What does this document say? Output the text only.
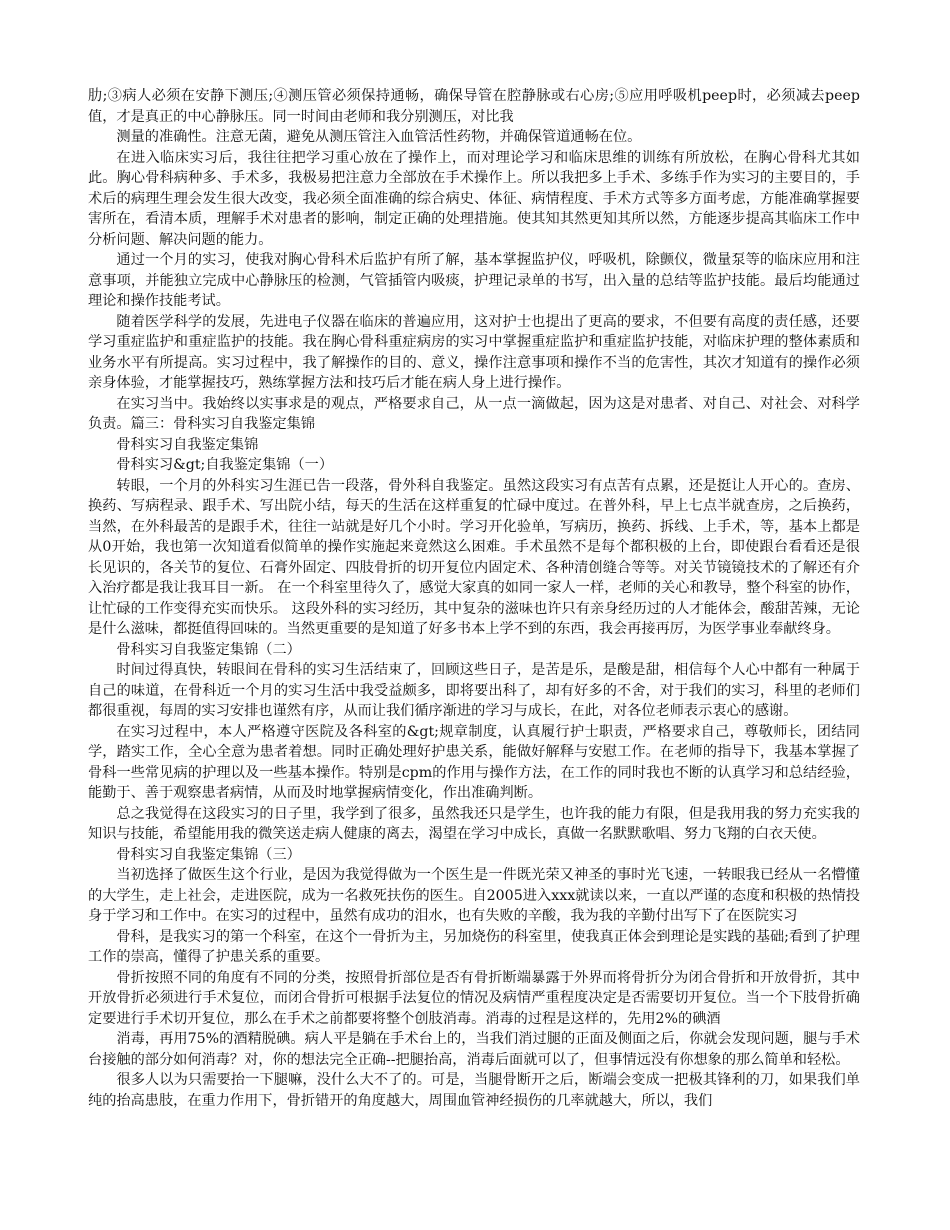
肋;③病人必须在安静下测压;④测压管必须保持通畅，确保导管在腔静脉或右心房;⑤应用呼吸机peep时，必须减去peep值，才是真正的中心静脉压。同一时间由老师和我分别测压，对比我

测量的准确性。注意无菌，避免从测压管注入血管活性药物，并确保管道通畅在位。

在进入临床实习后，我往往把学习重心放在了操作上，而对理论学习和临床思维的训练有所放松，在胸心骨科尤其如此。胸心骨科病种多、手术多，我极易把注意力全部放在手术操作上。所以我把多上手术、多练手作为实习的主要目的，手术后的病理生理会发生很大改变，我必须全面准确的综合病史、体征、病情程度、手术方式等多方面考虑，方能准确掌握要害所在，看清本质，理解手术对患者的影响，制定正确的处理措施。使其知其然更知其所以然，方能逐步提高其临床工作中分析问题、解决问题的能力。

通过一个月的实习，使我对胸心骨科术后监护有所了解，基本掌握监护仪，呼吸机，除颤仪，微量泵等的临床应用和注意事项，并能独立完成中心静脉压的检测，气管插管内吸痰，护理记录单的书写，出入量的总结等监护技能。最后均能通过理论和操作技能考试。

随着医学科学的发展，先进电子仪器在临床的普遍应用，这对护士也提出了更高的要求，不但要有高度的责任感，还要学习重症监护和重症监护的技能。我在胸心骨科重症病房的实习中掌握重症监护和重症监护技能，对临床护理的整体素质和业务水平有所提高。实习过程中，我了解操作的目的、意义，操作注意事项和操作不当的危害性，其次才知道有的操作必须亲身体验，才能掌握技巧，熟练掌握方法和技巧后才能在病人身上进行操作。

在实习当中。我始终以实事求是的观点，严格要求自己，从一点一滴做起，因为这是对患者、对自己、对社会、对科学负责。篇三：骨科实习自我鉴定集锦

骨科实习自我鉴定集锦

骨科实习&gt;自我鉴定集锦（一）

转眼，一个月的外科实习生涯已告一段落，骨外科自我鉴定。虽然这段实习有点苦有点累，还是挺让人开心的。查房、换药、写病程录、跟手术、写出院小结，每天的生活在这样重复的忙碌中度过。在普外科，早上七点半就查房，之后换药，当然，在外科最苦的是跟手术，往往一站就是好几个小时。学习开化验单，写病历，换药、拆线、上手术，等，基本上都是从0开始，我也第一次知道看似简单的操作实施起来竟然这么困难。手术虽然不是每个都积极的上台，即使跟台看看还是很长见识的，各关节的复位、石膏外固定、四肢骨折的切开复位内固定术、各种清创缝合等等。对关节镜镜技术的了解还有介入治疗都是我让我耳目一新。 在一个科室里待久了，感觉大家真的如同一家人一样，老师的关心和教导，整个科室的协作，让忙碌的工作变得充实而快乐。 这段外科的实习经历，其中复杂的滋味也许只有亲身经历过的人才能体会，酸甜苦辣，无论是什么滋味，都挺值得回味的。当然更重要的是知道了好多书本上学不到的东西，我会再接再厉，为医学事业奉献终身。

骨科实习自我鉴定集锦（二）

时间过得真快，转眼间在骨科的实习生活结束了，回顾这些日子，是苦是乐，是酸是甜，相信每个人心中都有一种属于自己的味道，在骨科近一个月的实习生活中我受益颇多，即将要出科了，却有好多的不舍，对于我们的实习，科里的老师们都很重视，每周的实习安排也谨然有序，从而让我们循序渐进的学习与成长，在此，对各位老师表示衷心的感谢。

在实习过程中，本人严格遵守医院及各科室的&gt;规章制度，认真履行护士职责，严格要求自己，尊敬师长，团结同学，踏实工作，全心全意为患者着想。同时正确处理好护患关系，能做好解释与安慰工作。在老师的指导下，我基本掌握了骨科一些常见病的护理以及一些基本操作。特别是cpm的作用与操作方法，在工作的同时我也不断的认真学习和总结经验，能勤于、善于观察患者病情，从而及时地掌握病情变化，作出准确判断。

总之我觉得在这段实习的日子里，我学到了很多，虽然我还只是学生，也许我的能力有限，但是我用我的努力充实我的知识与技能，希望能用我的微笑送走病人健康的离去，渴望在学习中成长，真做一名默默歌唱、努力飞翔的白衣天使。

骨科实习自我鉴定集锦（三）

当初选择了做医生这个行业，是因为我觉得做为一个医生是一件既光荣又神圣的事时光飞速，一转眼我已经从一名懵懂的大学生，走上社会，走进医院，成为一名救死扶伤的医生。自2005进入xxx就读以来，一直以严谨的态度和积极的热情投身于学习和工作中。在实习的过程中，虽然有成功的泪水，也有失败的辛酸，我为我的辛勤付出写下了在医院实习

骨科，是我实习的第一个科室，在这个一骨折为主，另加烧伤的科室里，使我真正体会到理论是实践的基础;看到了护理工作的崇高，懂得了护患关系的重要。

骨折按照不同的角度有不同的分类，按照骨折部位是否有骨折断端暴露于外界而将骨折分为闭合骨折和开放骨折，其中开放骨折必须进行手术复位，而闭合骨折可根据手法复位的情况及病情严重程度决定是否需要切开复位。当一个下肢骨折确定要进行手术切开复位，那么在手术之前都要将整个创肢消毒。消毒的过程是这样的，先用2%的碘酒

消毒，再用75%的酒精脱碘。病人平是躺在手术台上的，当我们消过腿的正面及侧面之后，你就会发现问题，腿与手术台接触的部分如何消毒？对，你的想法完全正确--把腿抬高，消毒后面就可以了，但事情远没有你想象的那么简单和轻松。

很多人以为只需要抬一下腿嘛，没什么大不了的。可是，当腿骨断开之后，断端会变成一把极其锋利的刀，如果我们单纯的抬高患肢，在重力作用下，骨折错开的角度越大，周围血管神经损伤的几率就越大，所以，我们
